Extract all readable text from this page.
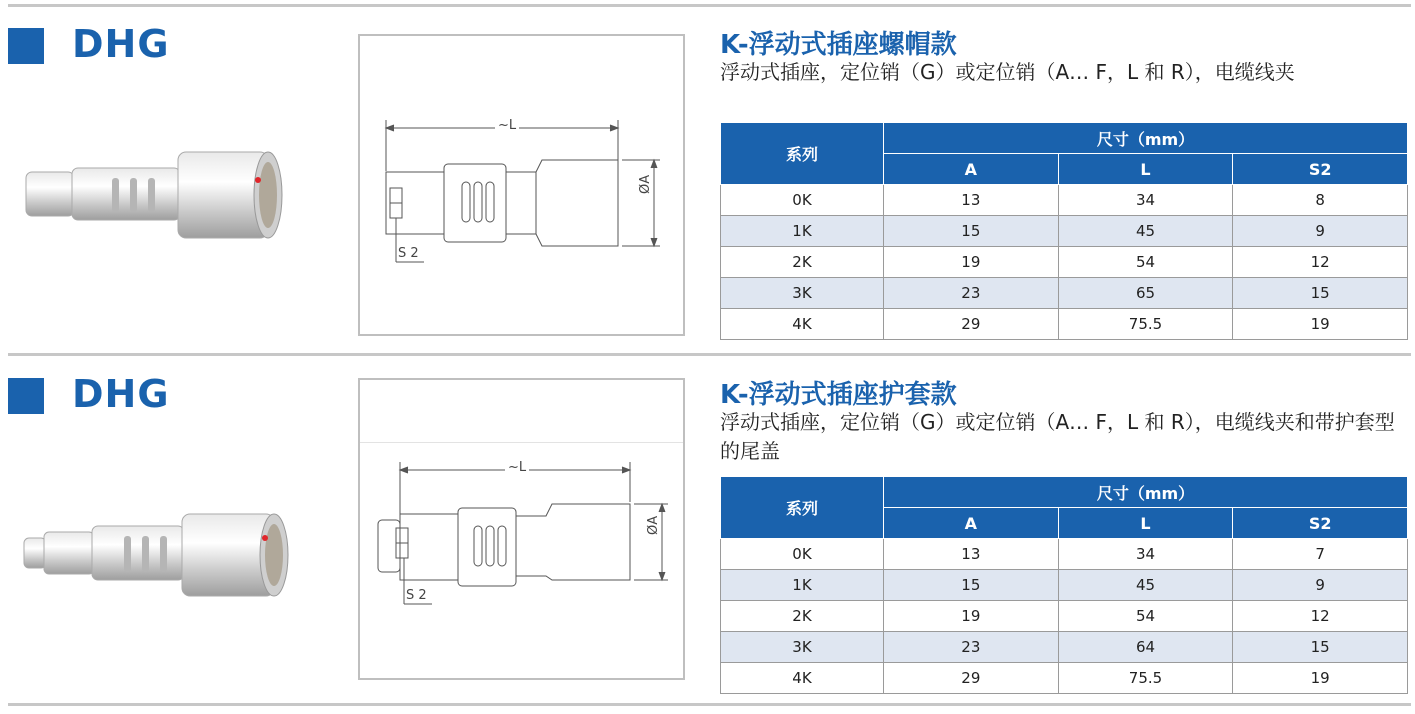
DHG
~L
ØA
S 2
K-浮动式插座螺帽款
浮动式插座，定位销（G）或定位销（A… F，L 和 R），电缆线夹
系列	尺寸（mm）		
	A	L	S2
0K	13	34	8
1K	15	45	9
2K	19	54	12
3K	23	65	15
4K	29	75.5	19
DHG
~L
ØA
S 2
K-浮动式插座护套款
浮动式插座，定位销（G）或定位销（A… F，L 和 R），电缆线夹和带护套型的尾盖
系列	尺寸（mm）		
	A	L	S2
0K	13	34	7
1K	15	45	9
2K	19	54	12
3K	23	64	15
4K	29	75.5	19
